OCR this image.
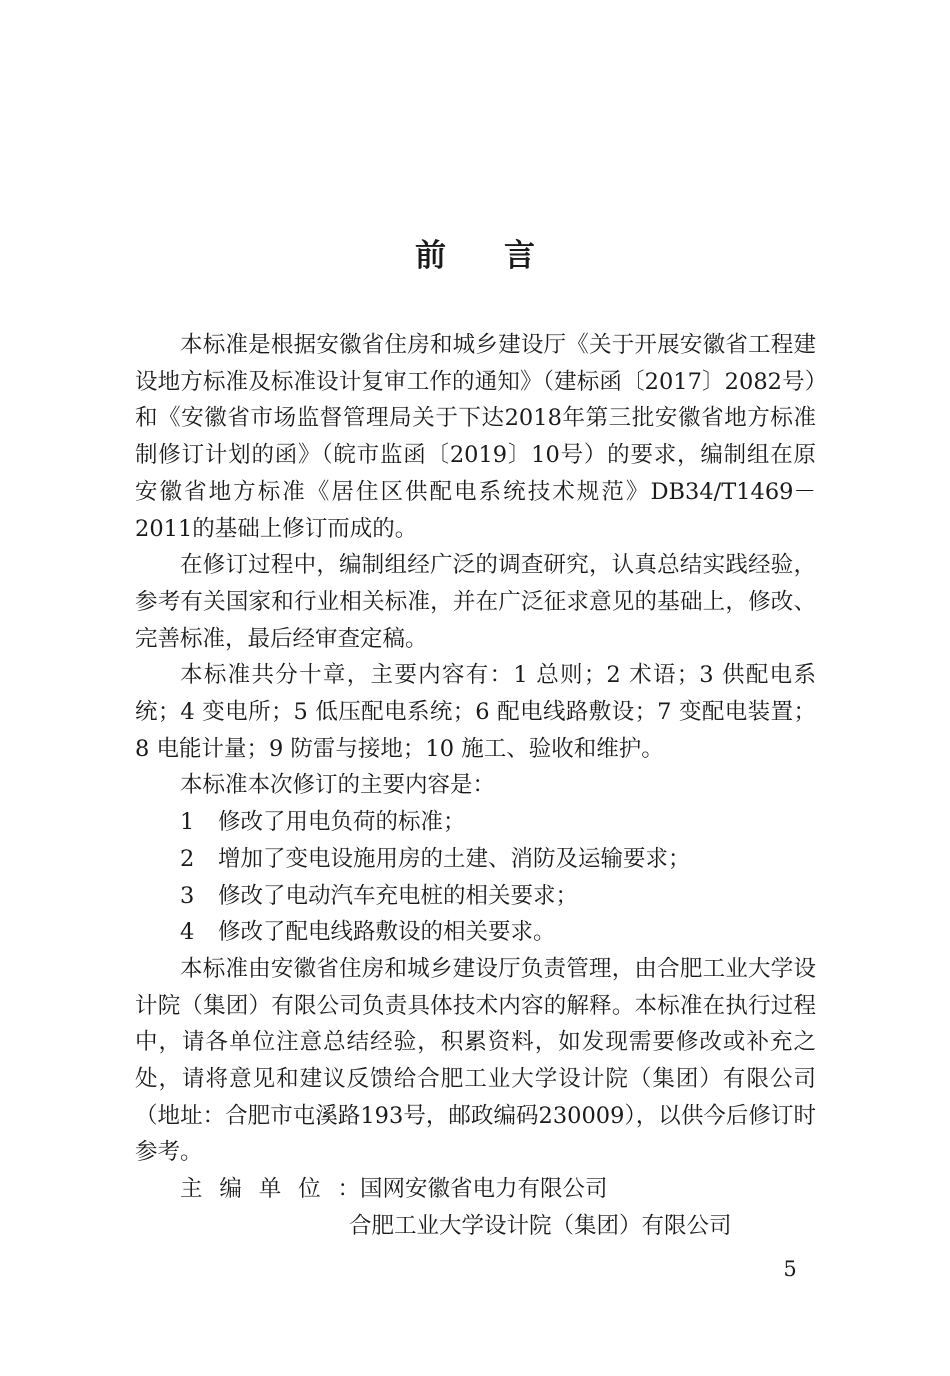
前言

本标准是根据安徽省住房和城乡建设厅《关于开展安徽省工程建设地方标准及标准设计复审工作的通知》（建标函〔2017〕2082号）和《安徽省市场监督管理局关于下达2018年第三批安徽省地方标准制修订计划的函》（皖市监函〔2019〕10号）的要求，编制组在原安徽省地方标准《居住区供配电系统技术规范》DB34/T1469－2011的基础上修订而成的。

在修订过程中，编制组经广泛的调查研究，认真总结实践经验，参考有关国家和行业相关标准，并在广泛征求意见的基础上，修改、完善标准，最后经审查定稿。

本标准共分十章，主要内容有：1 总则；2 术语；3 供配电系统；4 变电所；5 低压配电系统；6 配电线路敷设；7 变配电装置；8 电能计量；9 防雷与接地；10 施工、验收和维护。

本标准本次修订的主要内容是：

1 修改了用电负荷的标准；

2 增加了变电设施用房的土建、消防及运输要求；

3 修改了电动汽车充电桩的相关要求；

4 修改了配电线路敷设的相关要求。

本标准由安徽省住房和城乡建设厅负责管理，由合肥工业大学设计院（集团）有限公司负责具体技术内容的解释。本标准在执行过程中，请各单位注意总结经验，积累资料，如发现需要修改或补充之处，请将意见和建议反馈给合肥工业大学设计院（集团）有限公司（地址：合肥市屯溪路193号，邮政编码230009），以供今后修订时参考。

主编单位：国网安徽省电力有限公司

合肥工业大学设计院（集团）有限公司

5
